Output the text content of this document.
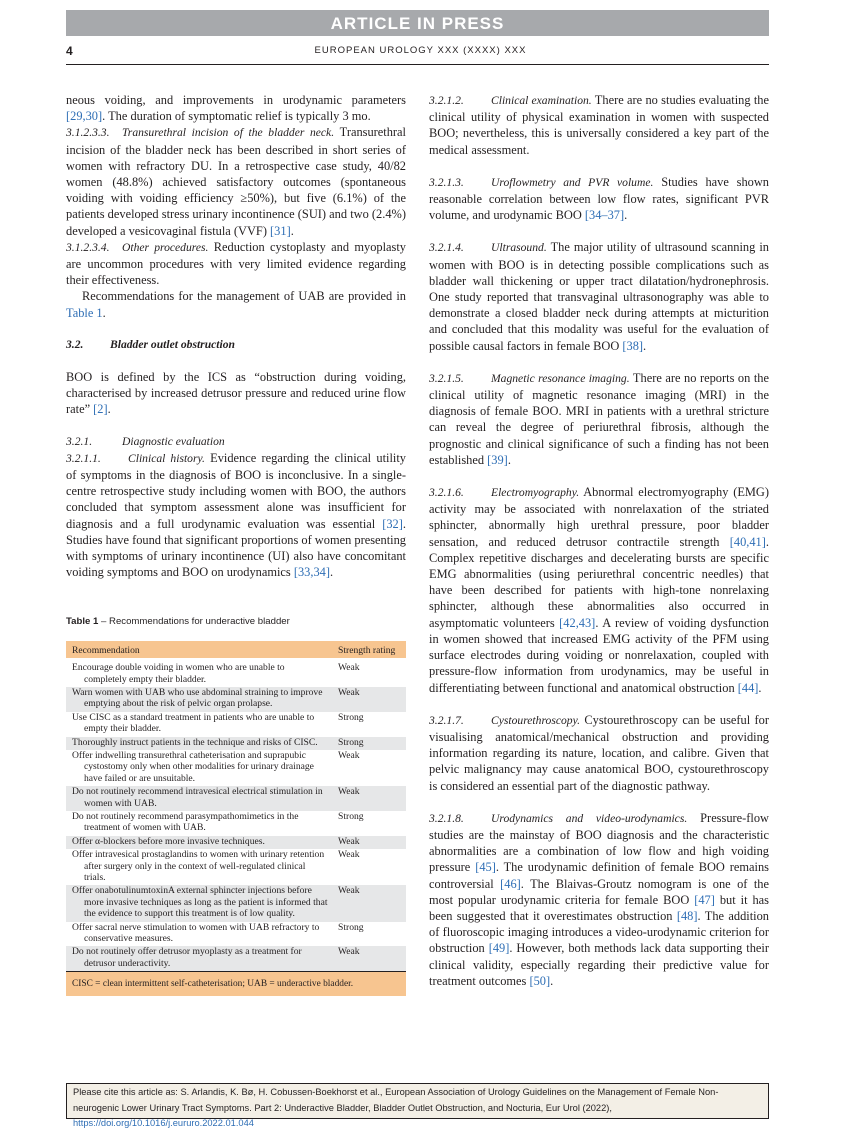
ARTICLE IN PRESS
4	EUROPEAN UROLOGY XXX (XXXX) XXX

neous voiding, and improvements in urodynamic parameters [29,30]. The duration of symptomatic relief is typically 3 mo.

3.1.2.3.3. Transurethral incision of the bladder neck. Transurethral incision of the bladder neck has been described in short series of women with refractory DU. In a retrospective case study, 40/82 women (48.8%) achieved satisfactory outcomes (spontaneous voiding with voiding efficiency ≥50%), but five (6.1%) of the patients developed stress urinary incontinence (SUI) and two (2.4%) developed a vesicovaginal fistula (VVF) [31].

3.1.2.3.4. Other procedures. Reduction cystoplasty and myoplasty are uncommon procedures with very limited evidence regarding their effectiveness.

Recommendations for the management of UAB are provided in Table 1.

3.2. Bladder outlet obstruction

BOO is defined by the ICS as “obstruction during voiding, characterised by increased detrusor pressure and reduced urine flow rate” [2].

3.2.1.	Diagnostic evaluation

3.2.1.1. Clinical history. Evidence regarding the clinical utility of symptoms in the diagnosis of BOO is inconclusive. In a single-centre retrospective study including women with BOO, the authors concluded that symptom assessment alone was insufficient for diagnosis and a full urodynamic evaluation was essential [32]. Studies have found that significant proportions of women presenting with symptoms of urinary incontinence (UI) also have concomitant voiding symptoms and BOO on urodynamics [33,34].

Table 1 – Recommendations for underactive bladder
Recommendation	Strength rating
Encourage double voiding in women who are unable to completely empty their bladder.	Weak
Warn women with UAB who use abdominal straining to improve emptying about the risk of pelvic organ prolapse.	Weak
Use CISC as a standard treatment in patients who are unable to empty their bladder.	Strong
Thoroughly instruct patients in the technique and risks of CISC.	Strong
Offer indwelling transurethral catheterisation and suprapubic cystostomy only when other modalities for urinary drainage have failed or are unsuitable.	Weak
Do not routinely recommend intravesical electrical stimulation in women with UAB.	Weak
Do not routinely recommend parasympathomimetics in the treatment of women with UAB.	Strong
Offer α-blockers before more invasive techniques.	Weak
Offer intravesical prostaglandins to women with urinary retention after surgery only in the context of well-regulated clinical trials.	Weak
Offer onabotulinumtoxinA external sphincter injections before more invasive techniques as long as the patient is informed that the evidence to support this treatment is of low quality.	Weak
Offer sacral nerve stimulation to women with UAB refractory to conservative measures.	Strong
Do not routinely offer detrusor myoplasty as a treatment for detrusor underactivity.	Weak
CISC = clean intermittent self-catheterisation; UAB = underactive bladder.

3.2.1.2. Clinical examination. There are no studies evaluating the clinical utility of physical examination in women with suspected BOO; nevertheless, this is universally considered a key part of the medical assessment.

3.2.1.3. Uroflowmetry and PVR volume. Studies have shown reasonable correlation between low flow rates, significant PVR volume, and urodynamic BOO [34–37].

3.2.1.4. Ultrasound. The major utility of ultrasound scanning in women with BOO is in detecting possible complications such as bladder wall thickening or upper tract dilatation/hydronephrosis. One study reported that transvaginal ultrasonography was able to demonstrate a closed bladder neck during attempts at micturition and concluded that this modality was useful for the evaluation of possible causal factors in female BOO [38].

3.2.1.5. Magnetic resonance imaging. There are no reports on the clinical utility of magnetic resonance imaging (MRI) in the diagnosis of female BOO. MRI in patients with a urethral stricture can reveal the degree of periurethral fibrosis, although the prognostic and clinical significance of such a finding has not been established [39].

3.2.1.6. Electromyography. Abnormal electromyography (EMG) activity may be associated with nonrelaxation of the striated sphincter, abnormally high urethral pressure, poor bladder sensation, and reduced detrusor contractile strength [40,41]. Complex repetitive discharges and decelerating bursts are specific EMG abnormalities (using periurethral concentric needles) that have been described for patients with high-tone nonrelaxing sphincter, although these abnormalities also occurred in asymptomatic volunteers [42,43]. A review of voiding dysfunction in women showed that increased EMG activity of the PFM using surface electrodes during voiding or nonrelaxation, coupled with pressure-flow information from urodynamics, may be useful in differentiating between functional and anatomical obstruction [44].

3.2.1.7. Cystourethroscopy. Cystourethroscopy can be useful for visualising anatomical/mechanical obstruction and providing information regarding its nature, location, and calibre. Given that pelvic malignancy may cause anatomical BOO, cystourethroscopy is considered an essential part of the diagnostic pathway.

3.2.1.8. Urodynamics and video-urodynamics. Pressure-flow studies are the mainstay of BOO diagnosis and the characteristic abnormalities are a combination of low flow and high voiding pressure [45]. The urodynamic definition of female BOO remains controversial [46]. The Blaivas-Groutz nomogram is one of the most popular urodynamic criteria for female BOO [47] but it has been suggested that it overestimates obstruction [48]. The addition of fluoroscopic imaging introduces a video-urodynamic criterion for obstruction [49]. However, both methods lack data supporting their clinical validity, especially regarding their predictive value for treatment outcomes [50].

Please cite this article as: S. Arlandis, K. Bø, H. Cobussen-Boekhorst et al., European Association of Urology Guidelines on the Management of Female Non-neurogenic Lower Urinary Tract Symptoms. Part 2: Underactive Bladder, Bladder Outlet Obstruction, and Nocturia, Eur Urol (2022), https://doi.org/10.1016/j.eururo.2022.01.044
